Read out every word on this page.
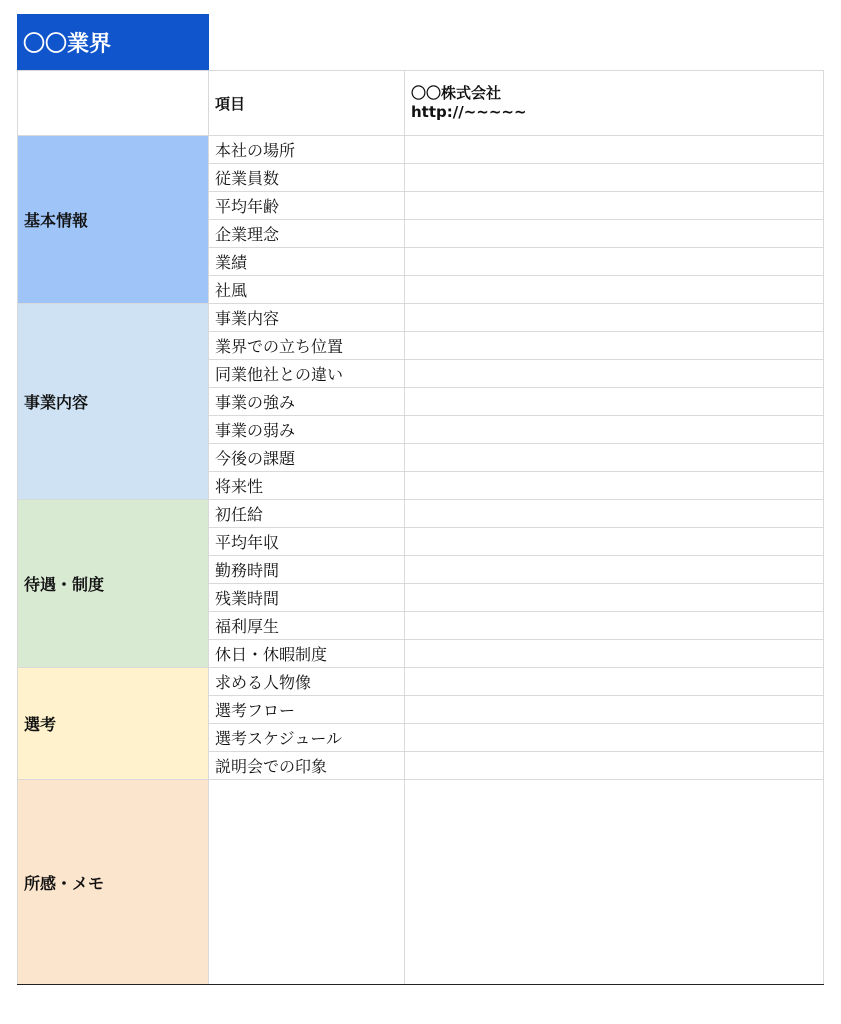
〇〇業界
	項目	〇〇株式会社
http://~~~~~

基本情報	本社の場所	
	従業員数	
	平均年齢	
	企業理念	
	業績	
	社風	
事業内容	事業内容	
	業界での立ち位置	
	同業他社との違い	
	事業の強み	
	事業の弱み	
	今後の課題	
	将来性	
待遇・制度	初任給	
	平均年収	
	勤務時間	
	残業時間	
	福利厚生	
	休日・休暇制度	
選考	求める人物像	
	選考フロー	
	選考スケジュール	
	説明会での印象	
所感・メモ		
